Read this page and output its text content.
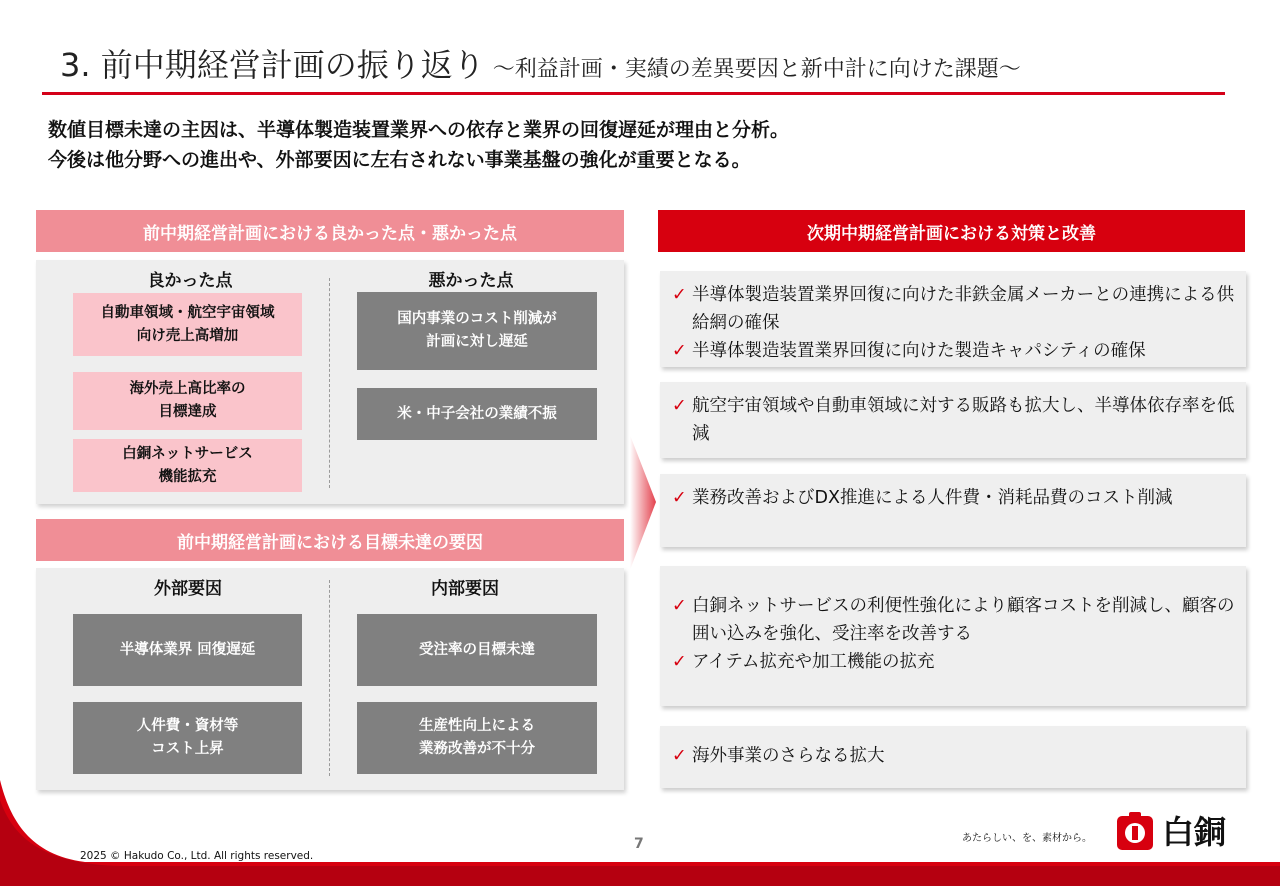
3. 前中期経営計画の振り返り ～利益計画・実績の差異要因と新中計に向けた課題～
数値目標未達の主因は、半導体製造装置業界への依存と業界の回復遅延が理由と分析。
今後は他分野への進出や、外部要因に左右されない事業基盤の強化が重要となる。
前中期経営計画における良かった点・悪かった点
良かった点	悪かった点
自動車領域・航空宇宙領域
向け売上高増加
海外売上高比率の
目標達成
白銅ネットサービス
機能拡充
国内事業のコスト削減が
計画に対し遅延
米・中子会社の業績不振
前中期経営計画における目標未達の要因
外部要因	内部要因
半導体業界 回復遅延
人件費・資材等
コスト上昇
受注率の目標未達
生産性向上による
業務改善が不十分
次期中期経営計画における対策と改善
✓ 半導体製造装置業界回復に向けた非鉄金属メーカーとの連携による供給網の確保
✓ 半導体製造装置業界回復に向けた製造キャパシティの確保
✓ 航空宇宙領域や自動車領域に対する販路も拡大し、半導体依存率を低減
✓ 業務改善およびDX推進による人件費・消耗品費のコスト削減
✓ 白銅ネットサービスの利便性強化により顧客コストを削減し、顧客の囲い込みを強化、受注率を改善する
✓ アイテム拡充や加工機能の拡充
✓ 海外事業のさらなる拡大
7
2025 © Hakudo Co., Ltd. All rights reserved.
あたらしい、を、素材から。 白銅
